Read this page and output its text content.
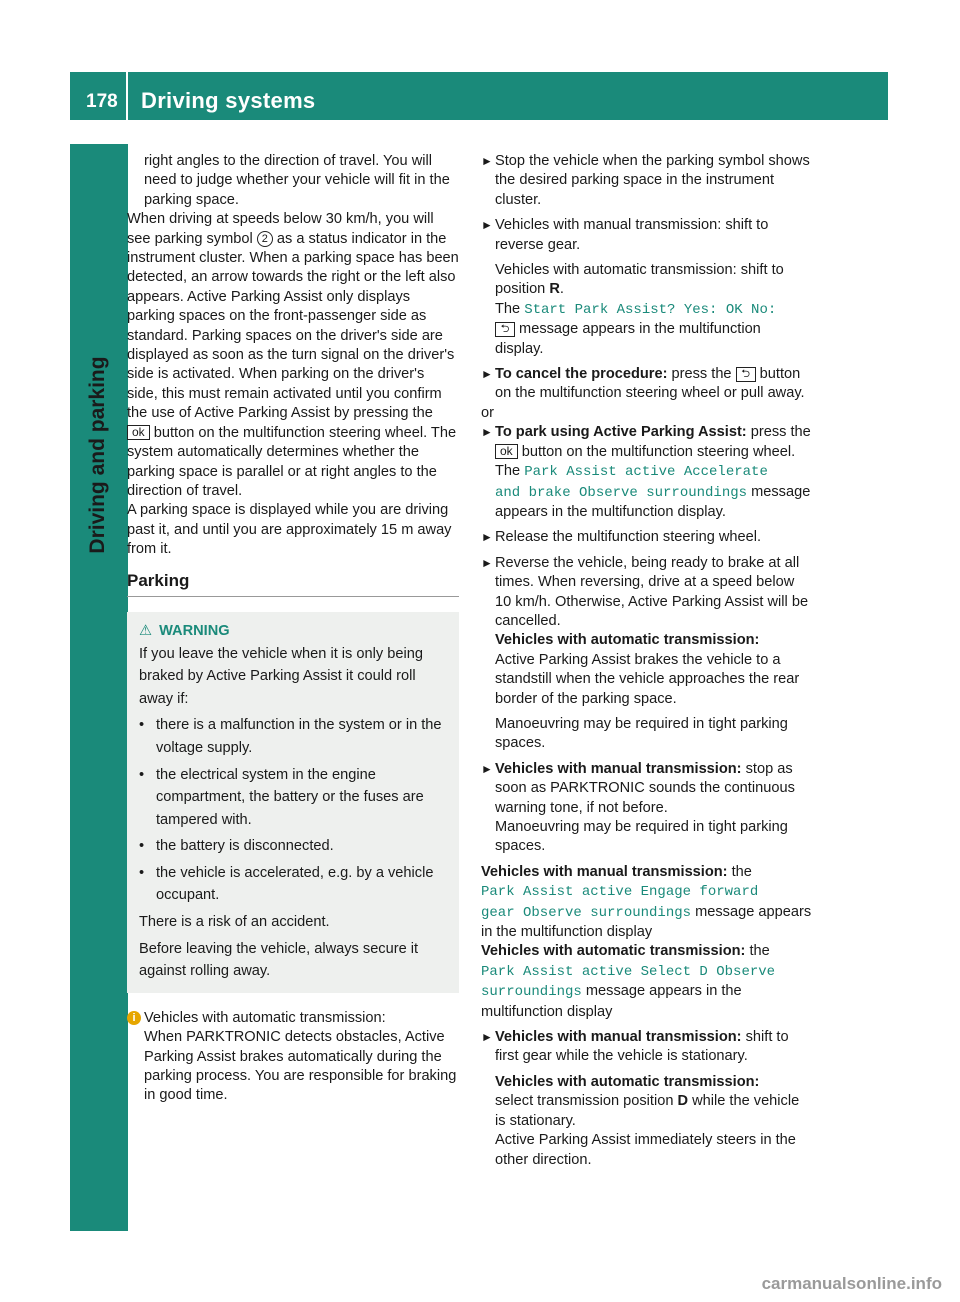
178 Driving systems
Driving and parking

right angles to the direction of travel. You will need to judge whether your vehicle will fit in the parking space.

When driving at speeds below 30 km/h, you will see parking symbol 2 as a status indicator in the instrument cluster. When a parking space has been detected, an arrow towards the right or the left also appears. Active Parking Assist only displays parking spaces on the front-passenger side as standard. Parking spaces on the driver's side are displayed as soon as the turn signal on the driver's side is activated. When parking on the driver's side, this must remain activated until you confirm the use of Active Parking Assist by pressing the ok button on the multifunction steering wheel. The system automatically determines whether the parking space is parallel or at right angles to the direction of travel.

A parking space is displayed while you are driving past it, and until you are approximately 15 m away from it.

Parking
⚠ WARNING
If you leave the vehicle when it is only being braked by Active Parking Assist it could roll away if:
• there is a malfunction in the system or in the voltage supply.
• the electrical system in the engine compartment, the battery or the fuses are tampered with.
• the battery is disconnected.
• the vehicle is accelerated, e.g. by a vehicle occupant.
There is a risk of an accident.
Before leaving the vehicle, always secure it against rolling away.
i Vehicles with automatic transmission:
When PARKTRONIC detects obstacles, Active Parking Assist brakes automatically during the parking process. You are responsible for braking in good time.
► Stop the vehicle when the parking symbol shows the desired parking space in the instrument cluster.
► Vehicles with manual transmission: shift to reverse gear.
Vehicles with automatic transmission: shift to position R.
The Start Park Assist? Yes: OK No:
⮌ message appears in the multifunction display.
► To cancel the procedure: press the ⮌ button on the multifunction steering wheel or pull away.
or
► To park using Active Parking Assist: press the ok button on the multifunction steering wheel.
The Park Assist active Accelerate
and brake Observe surroundings message appears in the multifunction display.
► Release the multifunction steering wheel.
► Reverse the vehicle, being ready to brake at all times. When reversing, drive at a speed below 10 km/h. Otherwise, Active Parking Assist will be cancelled.
Vehicles with automatic transmission:
Active Parking Assist brakes the vehicle to a standstill when the vehicle approaches the rear border of the parking space.
Manoeuvring may be required in tight parking spaces.
► Vehicles with manual transmission: stop as soon as PARKTRONIC sounds the continuous warning tone, if not before.
Manoeuvring may be required in tight parking spaces.
Vehicles with manual transmission: the
Park Assist active Engage forward
gear Observe surroundings message appears in the multifunction display
Vehicles with automatic transmission: the
Park Assist active Select D Observe
surroundings message appears in the multifunction display
► Vehicles with manual transmission: shift to first gear while the vehicle is stationary.
Vehicles with automatic transmission:
select transmission position D while the vehicle is stationary.
Active Parking Assist immediately steers in the other direction.
carmanualsonline.info
